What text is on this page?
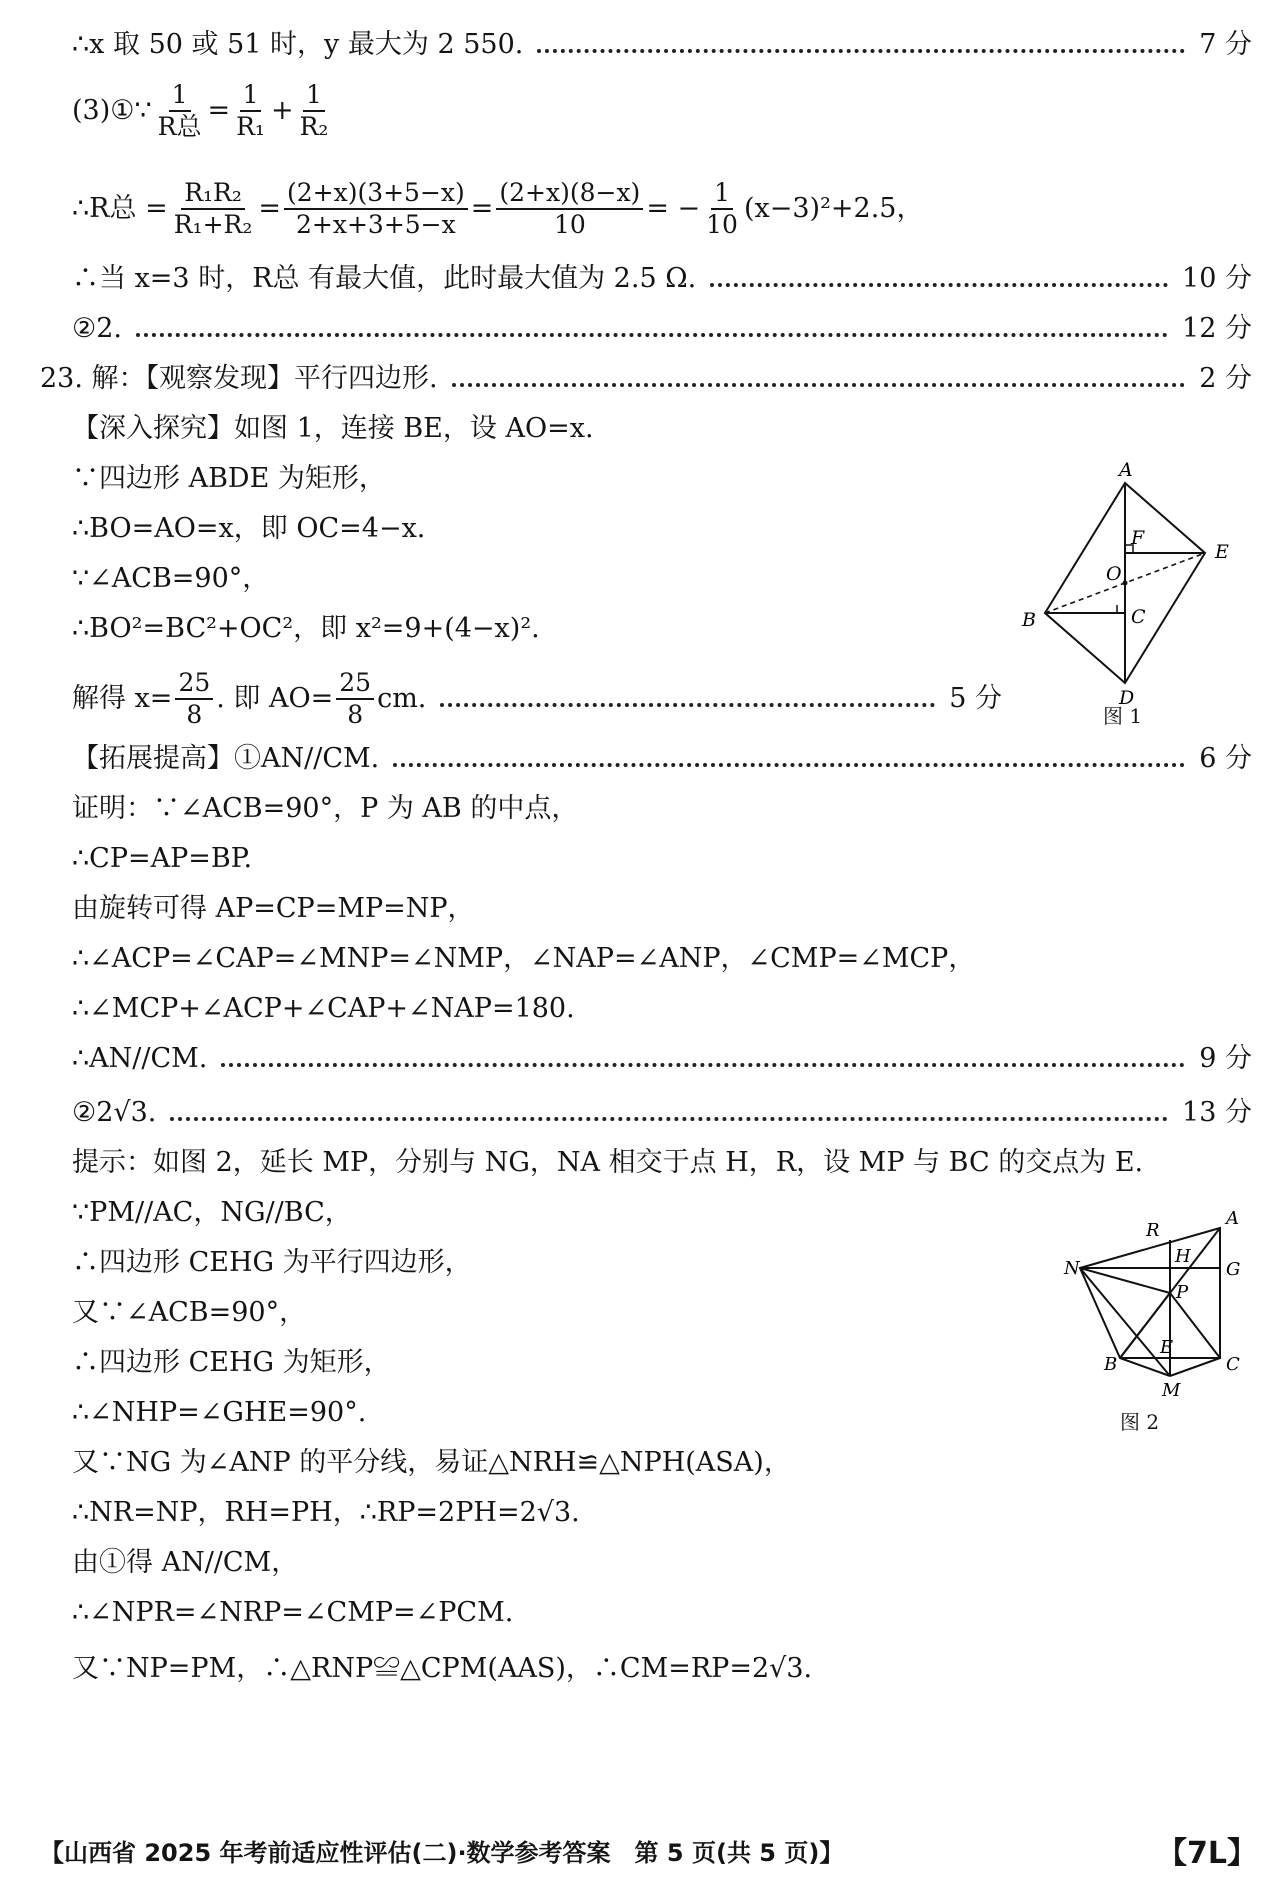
∴x 取 50 或 51 时，y 最大为 2 550.	7 分
(3)①∵ $\frac{1}{\text{R总}} = \frac{1}{\text{R₁}} + \frac{1}{\text{R₂}}$
∴R总 = $\frac{\text{R₁R₂}}{\text{R₁+R₂}} = \frac{(2+x)(3+5-x)}{2+x+3+5-x} = \frac{(2+x)(8-x)}{10}$ = − $\frac{1}{10} (x-3)^2+2.5$，
∴当 x=3 时，R总 有最大值，此时最大值为 2.5 Ω.	10 分
②2.	12 分
23. 解：【观察发现】平行四边形.	2 分
【深入探究】如图 1，连接 BE，设 AO=x.
∵四边形 ABDE 为矩形，
∴BO=AO=x，即 OC=4−x.
∵∠ACB=90°，
∴BO²=BC²+OC²，即 x²=9+(4−x)².
解得 $x= \frac{25}{8}$ . 即 $AO= \frac{25}{8}$ cm.	5 分
A
E
F
O
C
B
D
图 1
【拓展提高】①AN//CM.	6 分
证明：∵∠ACB=90°，P 为 AB 的中点，
∴CP=AP=BP.
由旋转可得 AP=CP=MP=NP，
∴∠ACP=∠CAP=∠MNP=∠NMP，∠NAP=∠ANP，∠CMP=∠MCP，
∴∠MCP+∠ACP+∠CAP+∠NAP=180.
∴AN//CM.	9 分
②2√3.	13 分
提示：如图 2，延长 MP，分别与 NG，NA 相交于点 H，R，设 MP 与 BC 的交点为 E.
∵PM//AC，NG//BC，
∴四边形 CEHG 为平行四边形，
又∵∠ACB=90°，
∴四边形 CEHG 为矩形，
∴∠NHP=∠GHE=90°.
R
H
A
G
N
P
B
E
C
M
图 2
又∵NG 为∠ANP 的平分线，易证△NRH≌△NPH(ASA)，
∴NR=NP，RH=PH，∴RP=2PH=2√3.
由①得 AN//CM，
∴∠NPR=∠NRP=∠CMP=∠PCM.
又∵NP=PM，∴△RNP≌△CPM(AAS)，∴CM=RP=2√3.
【山西省 2025 年考前适应性评估(二)·数学参考答案　第 5 页(共 5 页)】	【7L】
